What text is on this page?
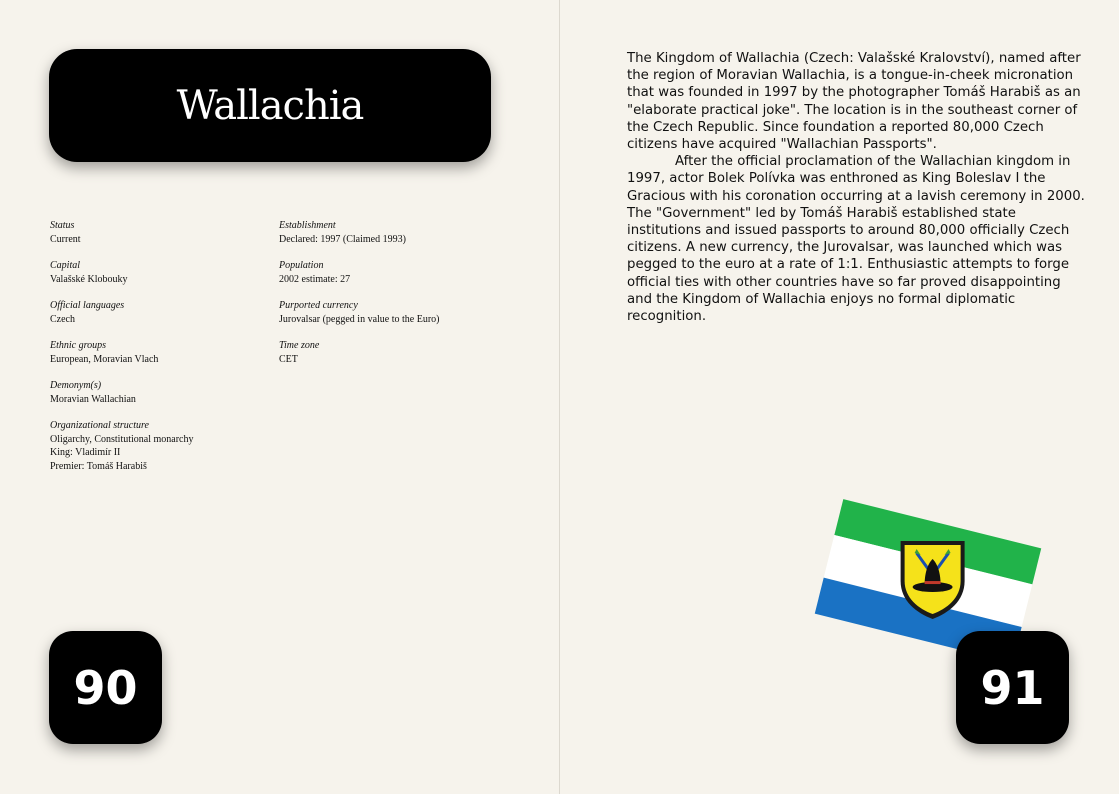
Wallachia
Status
Current
Capital
Valašské Klobouky
Official languages
Czech
Ethnic groups
European, Moravian Vlach
Demonym(s)
Moravian Wallachian
Organizational structure
Oligarchy, Constitutional monarchy
King: Vladimír II
Premier: Tomáš Harabiš
Establishment
Declared: 1997 (Claimed 1993)
Population
2002 estimate: 27
Purported currency
Jurovalsar (pegged in value to the Euro)
Time zone
CET
90

The Kingdom of Wallachia (Czech: Valašské Kralovství), named after the region of Moravian Wallachia, is a tongue-in-cheek micronation that was founded in 1997 by the photographer Tomáš Harabiš as an "elaborate practical joke". The location is in the southeast corner of the Czech Republic. Since foundation a reported 80,000 Czech citizens have acquired "Wallachian Passports".

After the official proclamation of the Wallachian kingdom in 1997, actor Bolek Polívka was enthroned as King Boleslav I the Gracious with his coronation occurring at a lavish ceremony in 2000. The "Government" led by Tomáš Harabiš established state institutions and issued passports to around 80,000 officially Czech citizens. A new currency, the Jurovalsar, was launched which was pegged to the euro at a rate of 1:1. Enthusiastic attempts to forge official ties with other countries have so far proved disappointing and the Kingdom of Wallachia enjoys no formal diplomatic recognition.

91
